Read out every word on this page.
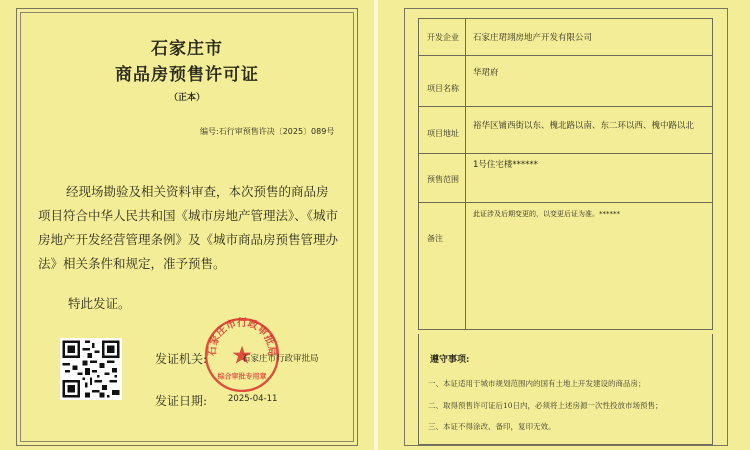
石家庄市
商品房预售许可证
（正本）
编号:石行审预售许决〔2025〕089号
经现场勘验及相关资料审查，本次预售的商品房项目符合中华人民共和国《城市房地产管理法》、《城市房地产开发经营管理条例》及《城市商品房预售管理办法》相关条件和规定，准予预售。
特此发证。
石家庄市行政审批局
综合审批专用章
发证机关:	石家庄市行政审批局
发证日期: 2025-04-11
开发企业 石家庄珺翊房地产开发有限公司
项目名称
华珺府
项目地址
裕华区铺西街以东、槐北路以南、东二环以西、槐中路以北
预售范围
1号住宅楼******
备注
此证涉及后期变更的，以变更后证为准。******
遵守事项:
一、本证适用于城市规划范围内的国有土地上开发建设的商品房；
二、取得预售许可证后10日内，必须将上述房源一次性投放市场预售；
三、本证不得涂改、备印，复印无效。
